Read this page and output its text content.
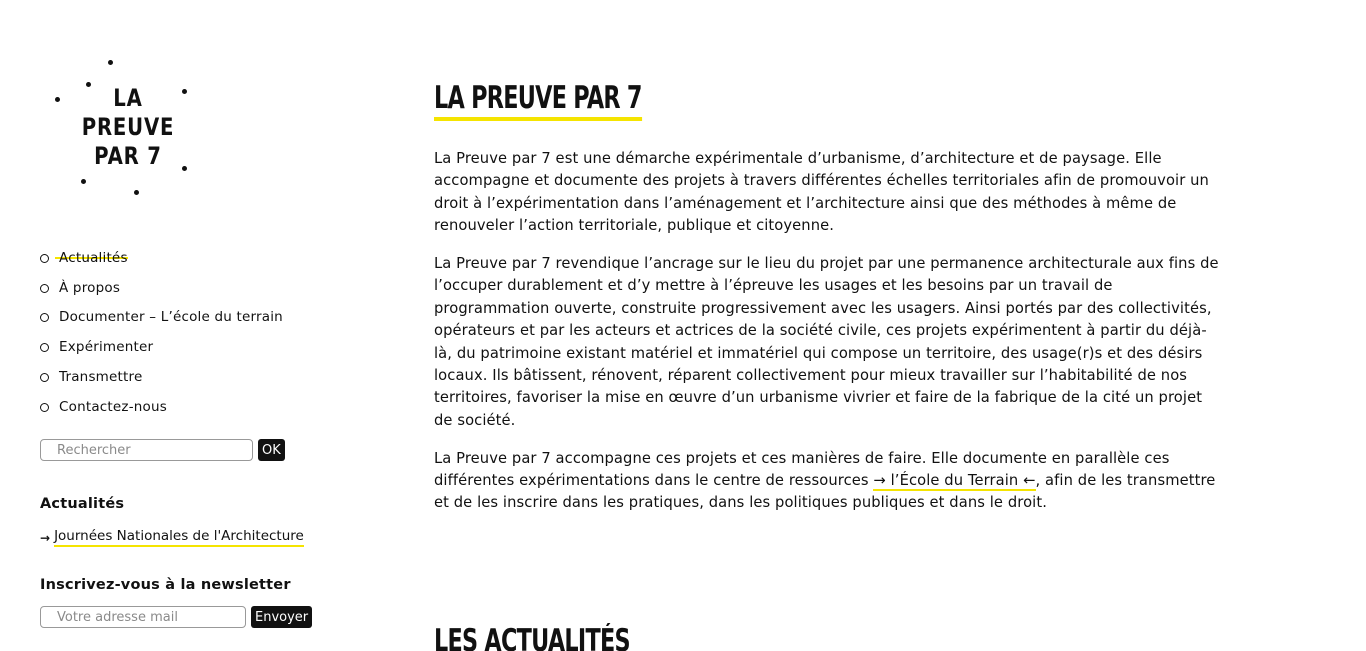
LA
PREUVE
PAR 7
Actualités
À propos
Documenter – L’école du terrain
Expérimenter
Transmettre
Contactez-nous
Rechercher
OK
Actualités
→ Journées Nationales de l'Architecture
Inscrivez-vous à la newsletter
Votre adresse mail
Envoyer
LA PREUVE PAR 7

La Preuve par 7 est une démarche expérimentale d’urbanisme, d’architecture et de paysage. Elle accompagne et documente des projets à travers différentes échelles territoriales afin de promouvoir un droit à l’expérimentation dans l’aménagement et l’architecture ainsi que des méthodes à même de renouveler l’action territoriale, publique et citoyenne.

La Preuve par 7 revendique l’ancrage sur le lieu du projet par une permanence architecturale aux fins de l’occuper durablement et d’y mettre à l’épreuve les usages et les besoins par un travail de programmation ouverte, construite progressivement avec les usagers. Ainsi portés par des collectivités, opérateurs et par les acteurs et actrices de la société civile, ces projets expérimentent à partir du déjà-là, du patrimoine existant matériel et immatériel qui compose un territoire, des usage(r)s et des désirs locaux. Ils bâtissent, rénovent, réparent collectivement pour mieux travailler sur l’habitabilité de nos territoires, favoriser la mise en œuvre d’un urbanisme vivrier et faire de la fabrique de la cité un projet de société.

La Preuve par 7 accompagne ces projets et ces manières de faire. Elle documente en parallèle ces différentes expérimentations dans le centre de ressources → l’École du Terrain ←, afin de les transmettre et de les inscrire dans les pratiques, dans les politiques publiques et dans le droit.

LES ACTUALITÉS
